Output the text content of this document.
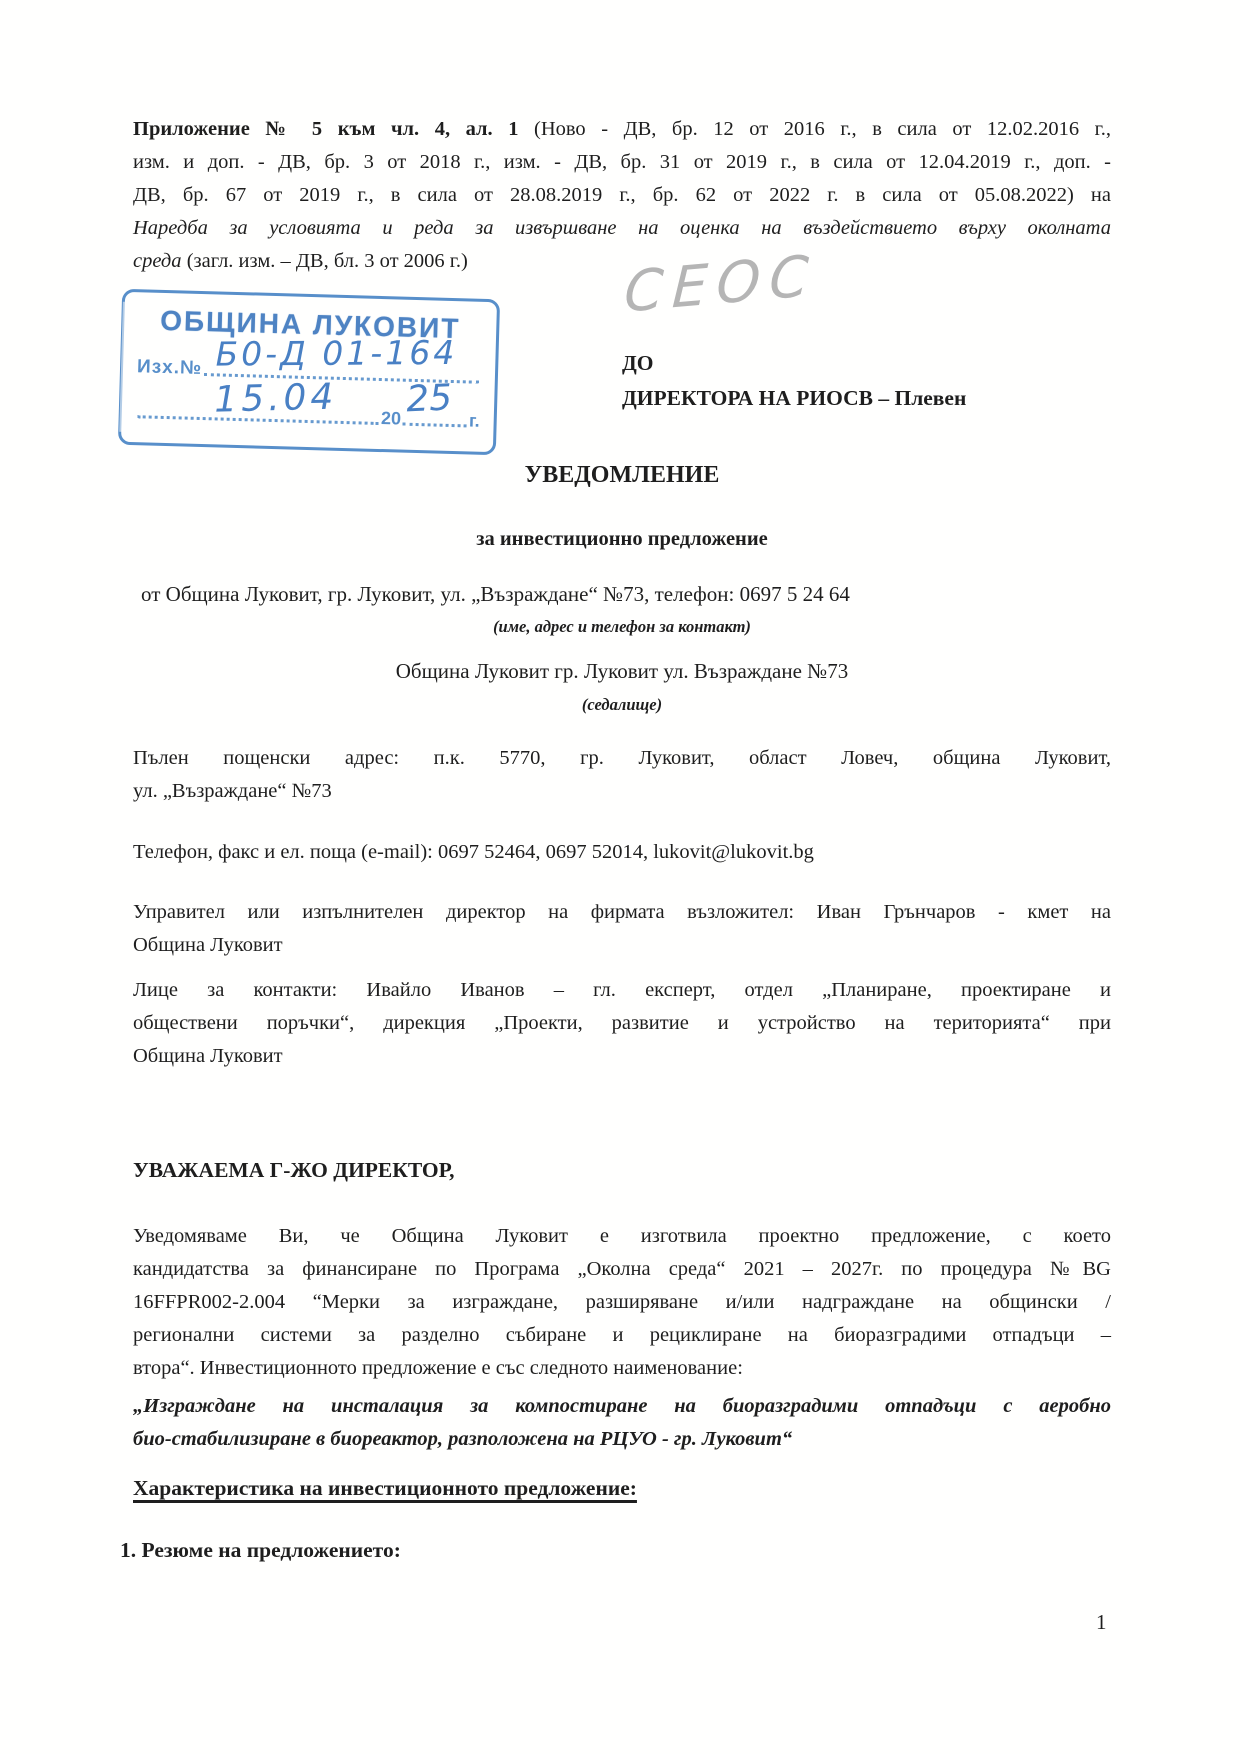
Приложение № 5 към чл. 4, ал. 1 (Ново - ДВ, бр. 12 от 2016 г., в сила от 12.02.2016 г.,
изм. и доп. - ДВ, бр. 3 от 2018 г., изм. - ДВ, бр. 31 от 2019 г., в сила от 12.04.2019 г., доп. -
ДВ, бр. 67 от 2019 г., в сила от 28.08.2019 г., бр. 62 от 2022 г. в сила от 05.08.2022) на
Наредба за условията и реда за извършване на оценка на въздействието върху околната
среда (загл. изм. – ДВ, бл. 3 от 2006 г.)
ОБЩИНА ЛУКОВИТ
Изх.№ Б0-Д 01-164
20	г.
15.04 25
СЕОС
ДО
ДИРЕКТОРА НА РИОСВ – Плевен
УВЕДОМЛЕНИЕ
за инвестиционно предложение
от Община Луковит, гр. Луковит, ул. „Възраждане“ №73, телефон: 0697 5 24 64
(име, адрес и телефон за контакт)
Община Луковит гр. Луковит ул. Възраждане №73
(седалище)
Пълен пощенски адрес: п.к. 5770, гр. Луковит, област Ловеч, община Луковит,
ул. „Възраждане“ №73
Телефон, факс и ел. поща (e-mail): 0697 52464, 0697 52014, lukovit@lukovit.bg
Управител или изпълнителен директор на фирмата възложител: Иван Грънчаров - кмет на
Община Луковит
Лице за контакти: Ивайло Иванов – гл. експерт, отдел „Планиране, проектиране и
обществени поръчки“, дирекция „Проекти, развитие и устройство на територията“ при
Община Луковит
УВАЖАЕМА Г-ЖО ДИРЕКТОР,
Уведомяваме Ви, че Община Луковит е изготвила проектно предложение, с което
кандидатства за финансиране по Програма „Околна среда“ 2021 – 2027г. по процедура №BG
16FFPR002-2.004 “Мерки за изграждане, разширяване и/или надграждане на общински /
регионални системи за разделно събиране и рециклиране на биоразградими отпадъци –
втора“. Инвестиционното предложение е със следното наименование:
„Изграждане на инсталация за компостиране на биоразградими отпадъци с аеробно
био-стабилизиране в биореактор, разположена на РЦУО - гр. Луковит“
Характеристика на инвестиционното предложение:
1. Резюме на предложението:
1
